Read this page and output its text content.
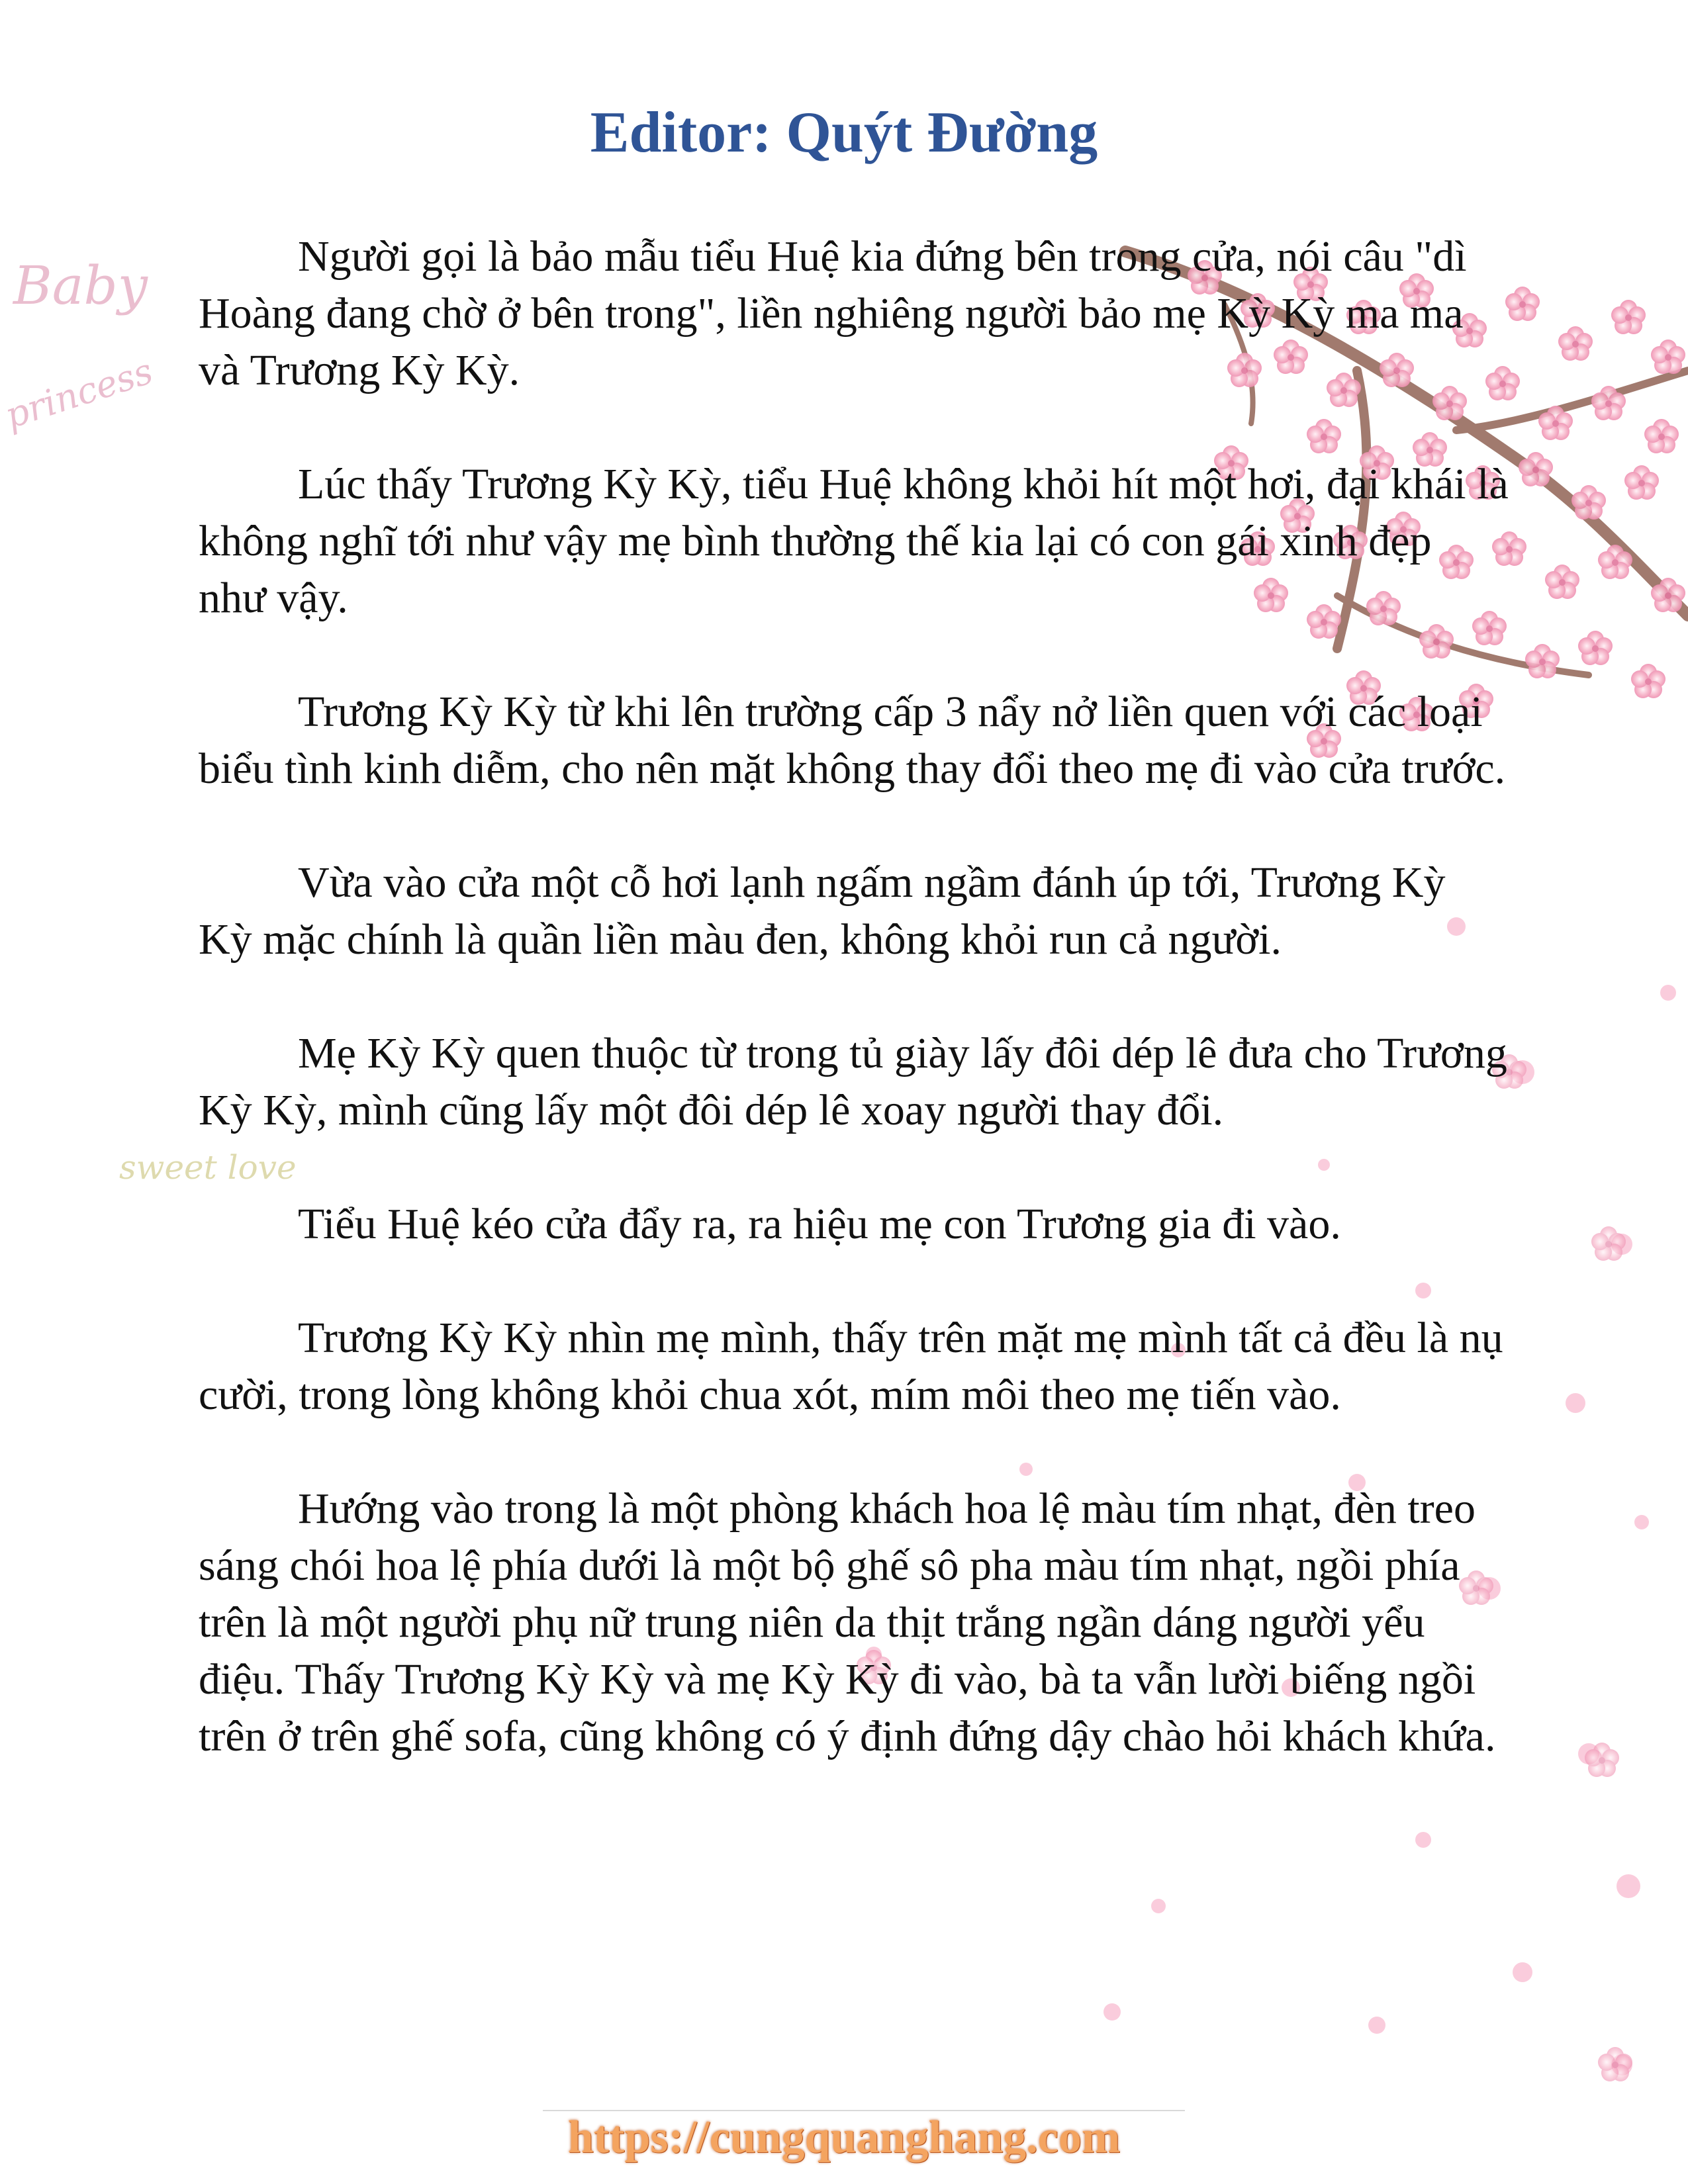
Baby
princess
sweet love
Editor: Quýt Đường

Người gọi là bảo mẫu tiểu Huệ kia đứng bên trong cửa, nói câu "dì Hoàng đang chờ ở bên trong", liền nghiêng người bảo mẹ Kỳ Kỳ ma ma và Trương Kỳ Kỳ.

Lúc thấy Trương Kỳ Kỳ, tiểu Huệ không khỏi hít một hơi, đại khái là không nghĩ tới như vậy mẹ bình thường thế kia lại có con gái xinh đẹp như vậy.

Trương Kỳ Kỳ từ khi lên trường cấp 3 nẩy nở liền quen với các loại biểu tình kinh diễm, cho nên mặt không thay đổi theo mẹ đi vào cửa trước.

Vừa vào cửa một cỗ hơi lạnh ngấm ngầm đánh úp tới, Trương Kỳ Kỳ mặc chính là quần liền màu đen, không khỏi run cả người.

Mẹ Kỳ Kỳ quen thuộc từ trong tủ giày lấy đôi dép lê đưa cho Trương Kỳ Kỳ, mình cũng lấy một đôi dép lê xoay người thay đổi.

Tiểu Huệ kéo cửa đẩy ra, ra hiệu mẹ con Trương gia đi vào.

Trương Kỳ Kỳ nhìn mẹ mình, thấy trên mặt mẹ mình tất cả đều là nụ cười, trong lòng không khỏi chua xót, mím môi theo mẹ tiến vào.

Hướng vào trong là một phòng khách hoa lệ màu tím nhạt, đèn treo sáng chói hoa lệ phía dưới là một bộ ghế sô pha màu tím nhạt, ngồi phía trên là một người phụ nữ trung niên da thịt trắng ngần dáng người yểu điệu. Thấy Trương Kỳ Kỳ và mẹ Kỳ Kỳ đi vào, bà ta vẫn lười biếng ngồi trên ở trên ghế sofa, cũng không có ý định đứng dậy chào hỏi khách khứa.

https://cungquanghang.com
